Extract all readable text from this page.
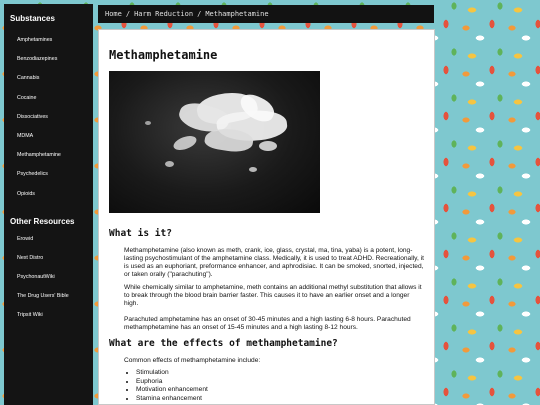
Substances
Amphetamines
Benzodiazepines
Cannabis
Cocaine
Dissociatives
MDMA
Methamphetamine
Psychedelics
Opioids
Other Resources
Erowid
Next Distro
PsychonautWiki
The Drug Users' Bible
Tripsit Wiki
Home / Harm Reduction / Methamphetamine
Methamphetamine
What is it?

Methamphetamine (also known as meth, crank, ice, glass, crystal, ma, tina, yaba) is a potent, long-lasting psychostimulant of the amphetamine class. Medically, it is used to treat ADHD. Recreationally, it is used as an euphoriant, preformance enhancer, and aphrodisiac. It can be smoked, snorted, injected, or taken orally ("parachuting").

While chemically similar to amphetamine, meth contains an additional methyl substitution that allows it to break through the blood brain barrier faster. This causes it to have an earlier onset and a longer high.

Parachuted amphetamine has an onset of 30-45 minutes and a high lasting 6-8 hours. Parachuted methamphetamine has an onset of 15-45 minutes and a high lasting 8-12 hours.

What are the effects of methamphetamine?

Common effects of methamphetamine include:

• Stimulation
• Euphoria
• Motivation enhancement
• Stamina enhancement
